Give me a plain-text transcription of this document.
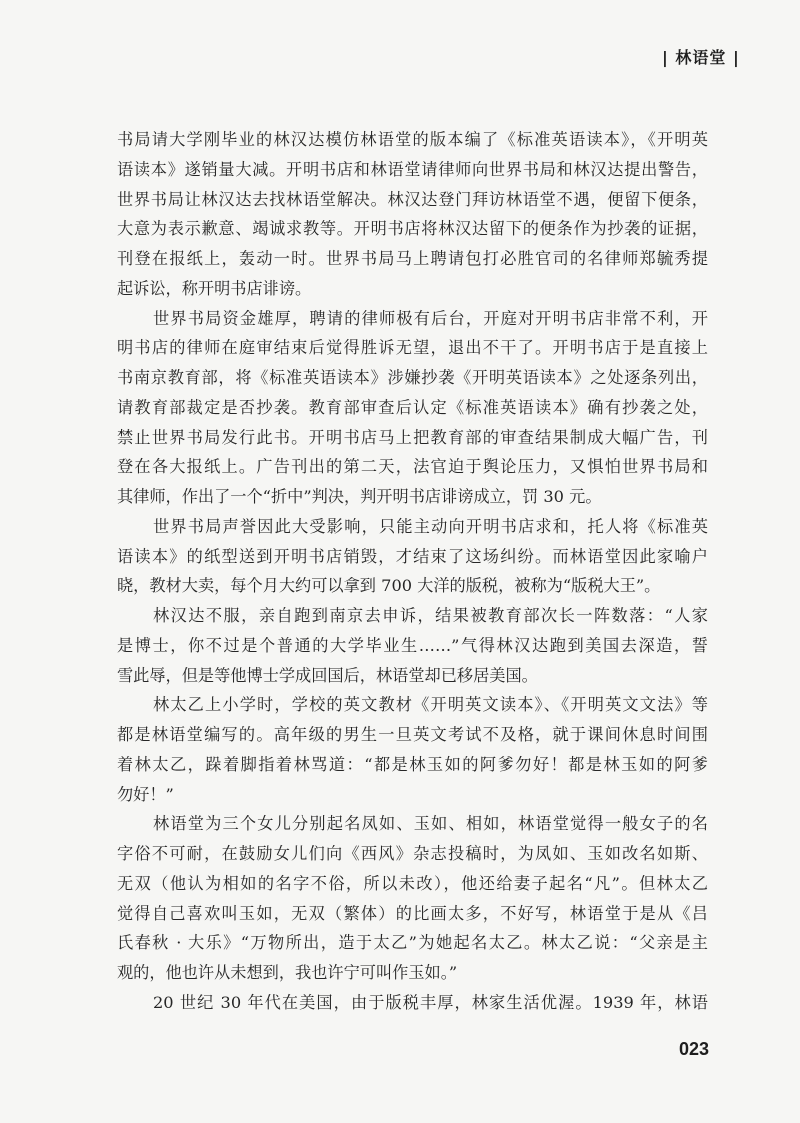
| 林语堂 |
书局请大学刚毕业的林汉达模仿林语堂的版本编了《标准英语读本》，《开明英
语读本》遂销量大减。开明书店和林语堂请律师向世界书局和林汉达提出警告，
世界书局让林汉达去找林语堂解决。林汉达登门拜访林语堂不遇，便留下便条，
大意为表示歉意、竭诚求教等。开明书店将林汉达留下的便条作为抄袭的证据，
刊登在报纸上，轰动一时。世界书局马上聘请包打必胜官司的名律师郑毓秀提
起诉讼，称开明书店诽谤。
世界书局资金雄厚，聘请的律师极有后台，开庭对开明书店非常不利，开
明书店的律师在庭审结束后觉得胜诉无望，退出不干了。开明书店于是直接上
书南京教育部，将《标准英语读本》涉嫌抄袭《开明英语读本》之处逐条列出，
请教育部裁定是否抄袭。教育部审查后认定《标准英语读本》确有抄袭之处，
禁止世界书局发行此书。开明书店马上把教育部的审查结果制成大幅广告，刊
登在各大报纸上。广告刊出的第二天，法官迫于舆论压力，又惧怕世界书局和
其律师，作出了一个“折中”判决，判开明书店诽谤成立，罚 30 元。
世界书局声誉因此大受影响，只能主动向开明书店求和，托人将《标准英
语读本》的纸型送到开明书店销毁，才结束了这场纠纷。而林语堂因此家喻户
晓，教材大卖，每个月大约可以拿到 700 大洋的版税，被称为“版税大王”。
林汉达不服，亲自跑到南京去申诉，结果被教育部次长一阵数落：“人家
是博士，你不过是个普通的大学毕业生……”气得林汉达跑到美国去深造，誓
雪此辱，但是等他博士学成回国后，林语堂却已移居美国。
林太乙上小学时，学校的英文教材《开明英文读本》、《开明英文文法》等
都是林语堂编写的。高年级的男生一旦英文考试不及格，就于课间休息时间围
着林太乙，跺着脚指着林骂道：“都是林玉如的阿爹勿好！都是林玉如的阿爹
勿好！”
林语堂为三个女儿分别起名凤如、玉如、相如，林语堂觉得一般女子的名
字俗不可耐，在鼓励女儿们向《西风》杂志投稿时，为凤如、玉如改名如斯、
无双（他认为相如的名字不俗，所以未改），他还给妻子起名“凡”。但林太乙
觉得自己喜欢叫玉如，无双（繁体）的比画太多，不好写，林语堂于是从《吕
氏春秋 · 大乐》“万物所出，造于太乙”为她起名太乙。林太乙说：“父亲是主
观的，他也许从未想到，我也许宁可叫作玉如。”
20 世纪 30 年代在美国，由于版税丰厚，林家生活优渥。1939 年，林语
023
